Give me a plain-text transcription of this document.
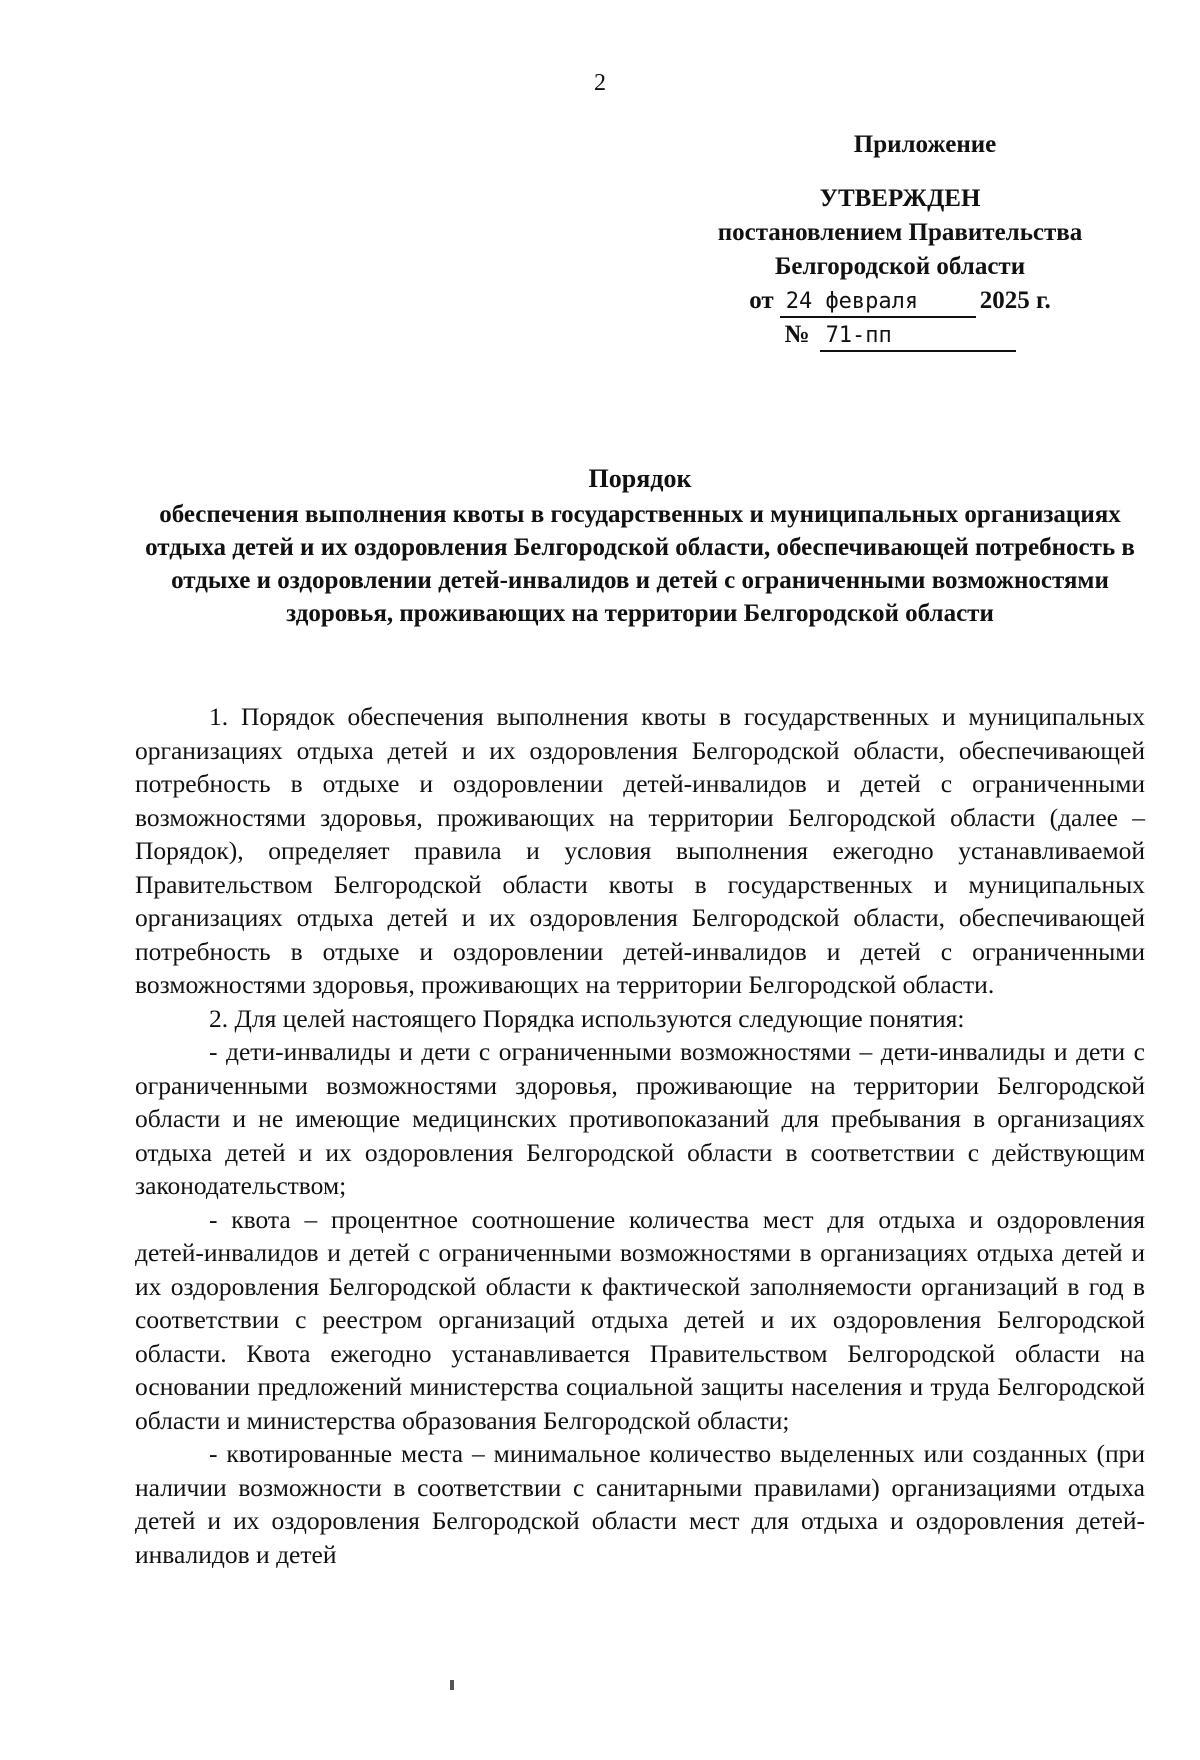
2
Приложение
УТВЕРЖДЕН
постановлением Правительства
Белгородской области
от 24 февраля	2025 г.
№ 71-пп
Порядок
обеспечения выполнения квоты в государственных и муниципальных организациях отдыха детей и их оздоровления Белгородской области, обеспечивающей потребность в отдыхе и оздоровлении детей-инвалидов и детей с ограниченными возможностями здоровья, проживающих на территории Белгородской области

1. Порядок обеспечения выполнения квоты в государственных и муниципальных организациях отдыха детей и их оздоровления Белгородской области, обеспечивающей потребность в отдыхе и оздоровлении детей-инвалидов и детей с ограниченными возможностями здоровья, проживающих на территории Белгородской области (далее – Порядок), определяет правила и условия выполнения ежегодно устанавливаемой Правительством Белгородской области квоты в государственных и муниципальных организациях отдыха детей и их оздоровления Белгородской области, обеспечивающей потребность в отдыхе и оздоровлении детей-инвалидов и детей с ограниченными возможностями здоровья, проживающих на территории Белгородской области.

2. Для целей настоящего Порядка используются следующие понятия:

- дети-инвалиды и дети с ограниченными возможностями – дети-инвалиды и дети с ограниченными возможностями здоровья, проживающие на территории Белгородской области и не имеющие медицинских противопоказаний для пребывания в организациях отдыха детей и их оздоровления Белгородской области в соответствии с действующим законодательством;

- квота – процентное соотношение количества мест для отдыха и оздоровления детей-инвалидов и детей с ограниченными возможностями в организациях отдыха детей и их оздоровления Белгородской области к фактической заполняемости организаций в год в соответствии с реестром организаций отдыха детей и их оздоровления Белгородской области. Квота ежегодно устанавливается Правительством Белгородской области на основании предложений министерства социальной защиты населения и труда Белгородской области и министерства образования Белгородской области;

- квотированные места – минимальное количество выделенных или созданных (при наличии возможности в соответствии с санитарными правилами) организациями отдыха детей и их оздоровления Белгородской области мест для отдыха и оздоровления детей-инвалидов и детей
